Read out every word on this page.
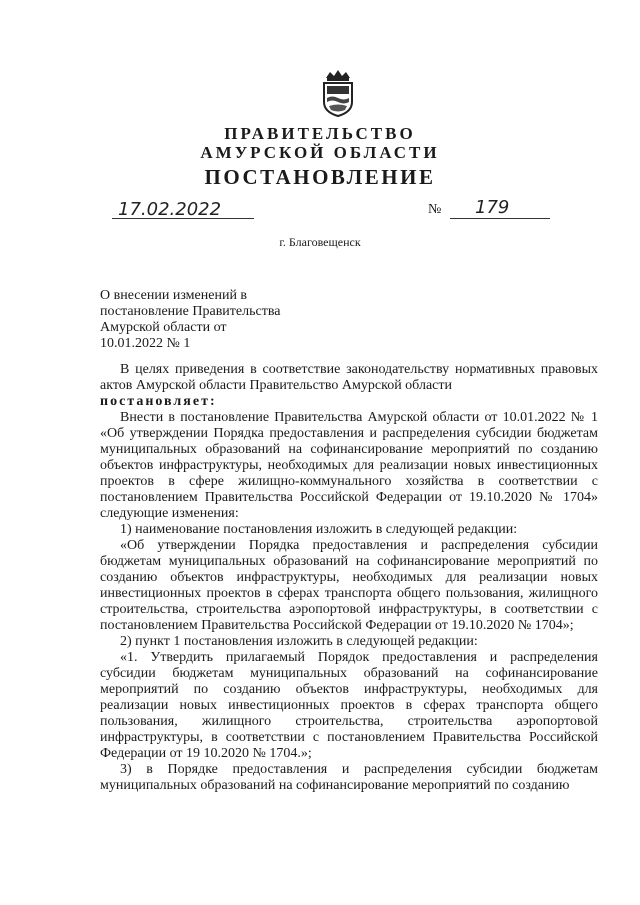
ПРАВИТЕЛЬСТВО
АМУРСКОЙ ОБЛАСТИ
ПОСТАНОВЛЕНИЕ
17.02.2022	№ 179
г. Благовещенск
О внесении изменений в
постановление Правительства
Амурской области от
10.01.2022 № 1
В целях приведения в соответствие законодательству нормативных правовых актов Амурской области Правительство Амурской области
постановляет:
Внести в постановление Правительства Амурской области от 10.01.2022 № 1 «Об утверждении Порядка предоставления и распределения субсидии бюджетам муниципальных образований на софинансирование мероприятий по созданию объектов инфраструктуры, необходимых для реализации новых инвестиционных проектов в сфере жилищно-коммунального хозяйства в соответствии с постановлением Правительства Российской Федерации от 19.10.2020 № 1704» следующие изменения:
1) наименование постановления изложить в следующей редакции:
«Об утверждении Порядка предоставления и распределения субсидии бюджетам муниципальных образований на софинансирование мероприятий по созданию объектов инфраструктуры, необходимых для реализации новых инвестиционных проектов в сферах транспорта общего пользования, жилищного строительства, строительства аэропортовой инфраструктуры, в соответствии с постановлением Правительства Российской Федерации от 19.10.2020 № 1704»;
2) пункт 1 постановления изложить в следующей редакции:
«1. Утвердить прилагаемый Порядок предоставления и распределения субсидии бюджетам муниципальных образований на софинансирование мероприятий по созданию объектов инфраструктуры, необходимых для реализации новых инвестиционных проектов в сферах транспорта общего пользования, жилищного строительства, строительства аэропортовой инфраструктуры, в соответствии с постановлением Правительства Российской Федерации от 19 10.2020 № 1704.»;
3) в Порядке предоставления и распределения субсидии бюджетам муниципальных образований на софинансирование мероприятий по созданию
